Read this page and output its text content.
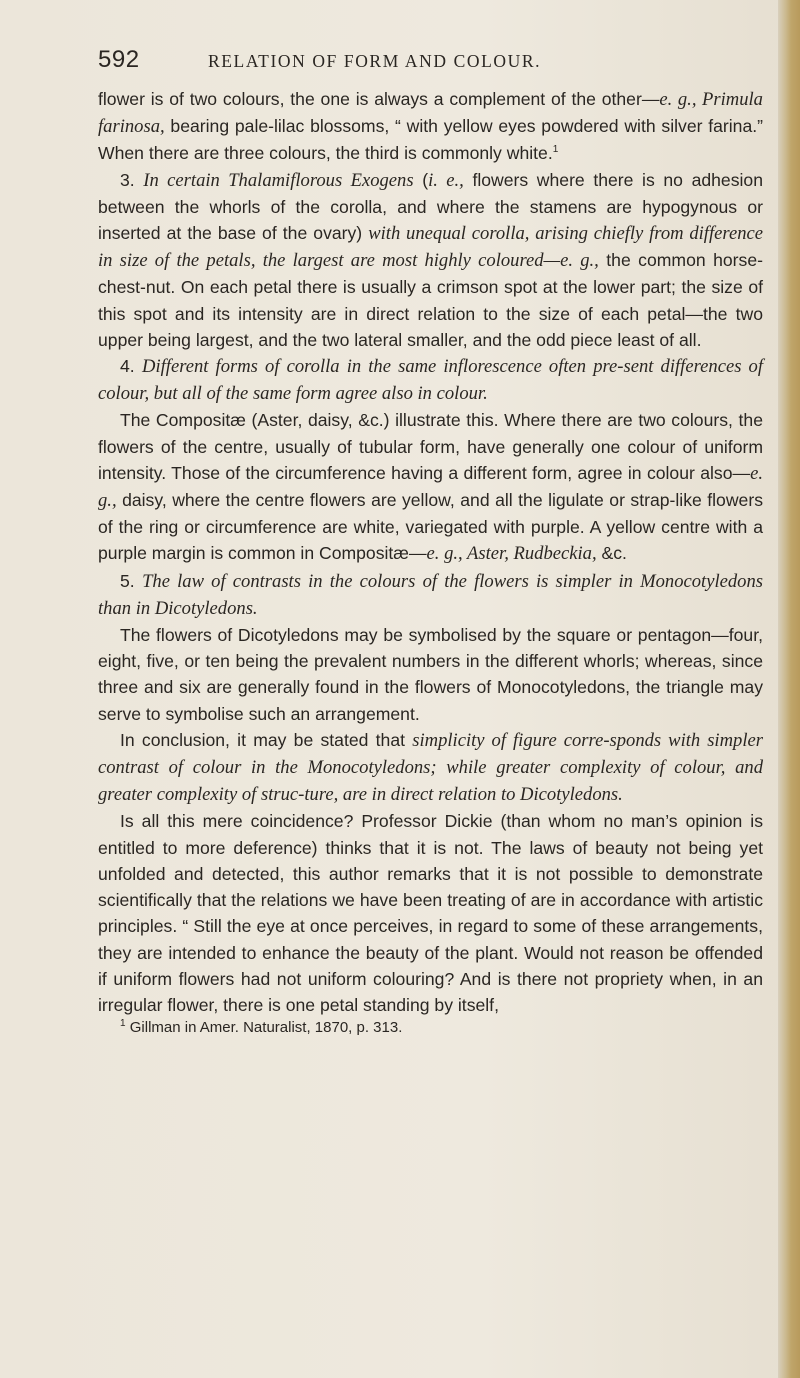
592	RELATION OF FORM AND COLOUR.

flower is of two colours, the one is always a complement of the other—e. g., Primula farinosa, bearing pale-lilac blossoms, “ with yellow eyes powdered with silver farina.” When there are three colours, the third is commonly white.$^1$

3. In certain Thalamiflorous Exogens (i. e., flowers where there is no adhesion between the whorls of the corolla, and where the stamens are hypogynous or inserted at the base of the ovary) with unequal corolla, arising chiefly from difference in size of the petals, the largest are most highly coloured—e. g., the common horse-chest-nut. On each petal there is usually a crimson spot at the lower part; the size of this spot and its intensity are in direct relation to the size of each petal—the two upper being largest, and the two lateral smaller, and the odd piece least of all.

4. Different forms of corolla in the same inflorescence often pre-sent differences of colour, but all of the same form agree also in colour.

The Compositæ (Aster, daisy, &c.) illustrate this. Where there are two colours, the flowers of the centre, usually of tubular form, have generally one colour of uniform intensity. Those of the circumference having a different form, agree in colour also—e. g., daisy, where the centre flowers are yellow, and all the ligulate or strap-like flowers of the ring or circumference are white, variegated with purple. A yellow centre with a purple margin is common in Compositæ—e. g., Aster, Rudbeckia, &c.

5. The law of contrasts in the colours of the flowers is simpler in Monocotyledons than in Dicotyledons.

The flowers of Dicotyledons may be symbolised by the square or pentagon—four, eight, five, or ten being the prevalent numbers in the different whorls; whereas, since three and six are generally found in the flowers of Monocotyledons, the triangle may serve to symbolise such an arrangement.

In conclusion, it may be stated that simplicity of figure corre-sponds with simpler contrast of colour in the Monocotyledons; while greater complexity of colour, and greater complexity of struc-ture, are in direct relation to Dicotyledons.

Is all this mere coincidence? Professor Dickie (than whom no man’s opinion is entitled to more deference) thinks that it is not. The laws of beauty not being yet unfolded and detected, this author remarks that it is not possible to demonstrate scientifically that the relations we have been treating of are in accordance with artistic principles. “ Still the eye at once perceives, in regard to some of these arrangements, they are intended to enhance the beauty of the plant. Would not reason be offended if uniform flowers had not uniform colouring? And is there not propriety when, in an irregular flower, there is one petal standing by itself,

$^1$ Gillman in Amer. Naturalist, 1870, p. 313.
